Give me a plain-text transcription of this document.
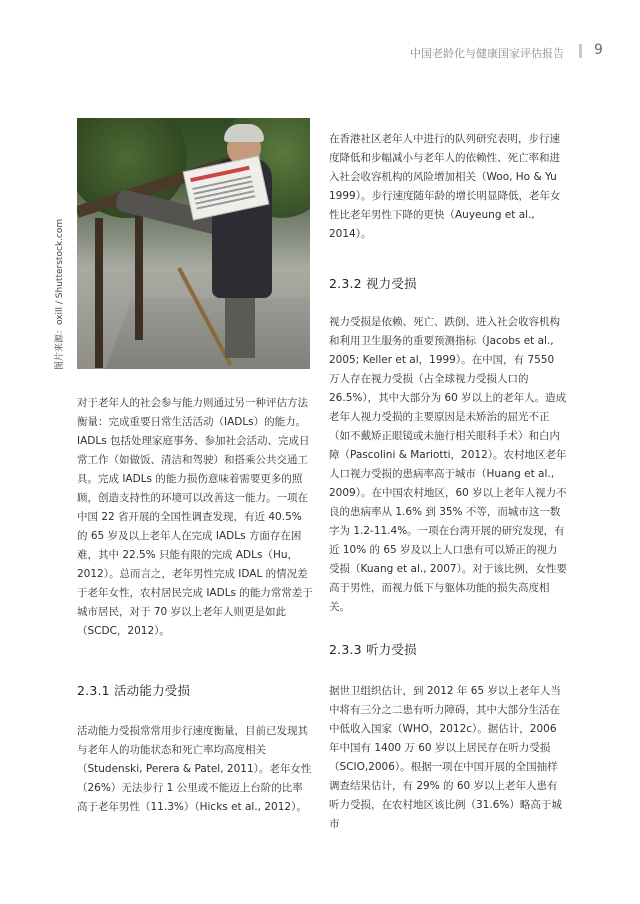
中国老龄化与健康国家评估报告 9
图片来源：oxill / Shutterstock.com

对于老年人的社会参与能力则通过另一种评估方法衡量：完成重要日常生活活动（IADLs）的能力。IADLs 包括处理家庭事务、参加社会活动、完成日常工作（如做饭、清洁和驾驶）和搭乘公共交通工具。完成 IADLs 的能力损伤意味着需要更多的照顾，创造支持性的环境可以改善这一能力。一项在中国 22 省开展的全国性调查发现，有近 40.5% 的 65 岁及以上老年人在完成 IADLs 方面存在困难，其中 22.5% 只能有限的完成 ADLs（Hu，2012）。总而言之，老年男性完成 IDAL 的情况差于老年女性，农村居民完成 IADLs 的能力常常差于城市居民，对于 70 岁以上老年人则更是如此（SCDC，2012）。

2.3.1 活动能力受损

活动能力受损常常用步行速度衡量，目前已发现其与老年人的功能状态和死亡率均高度相关（Studenski, Perera & Patel, 2011）。老年女性（26%）无法步行 1 公里或不能迈上台阶的比率高于老年男性（11.3%）（Hicks et al., 2012）。

在香港社区老年人中进行的队列研究表明，步行速度降低和步幅减小与老年人的依赖性、死亡率和进入社会收容机构的风险增加相关（Woo, Ho & Yu 1999）。步行速度随年龄的增长明显降低，老年女性比老年男性下降的更快（Auyeung et al., 2014）。

2.3.2 视力受损

视力受损是依赖、死亡、跌倒、进入社会收容机构和利用卫生服务的重要预测指标（Jacobs et al., 2005; Keller et al，1999）。在中国，有 7550 万人存在视力受损（占全球视力受损人口的 26.5%），其中大部分为 60 岁以上的老年人。造成老年人视力受损的主要原因是未矫治的屈光不正（如不戴矫正眼镜或未施行相关眼科手术）和白内障（Pascolini & Mariotti，2012）。农村地区老年人口视力受损的患病率高于城市（Huang et al., 2009）。在中国农村地区，60 岁以上老年人视力不良的患病率从 1.6% 到 35% 不等，而城市这一数字为 1.2-11.4%。一项在台湾开展的研究发现，有近 10% 的 65 岁及以上人口患有可以矫正的视力受损（Kuang et al., 2007）。对于该比例，女性要高于男性，而视力低下与躯体功能的损失高度相关。

2.3.3 听力受损

据世卫组织估计，到 2012 年 65 岁以上老年人当中将有三分之二患有听力障碍，其中大部分生活在中低收入国家（WHO，2012c）。据估计，2006 年中国有 1400 万 60 岁以上居民存在听力受损（SCIO,2006）。根据一项在中国开展的全国抽样调查结果估计，有 29% 的 60 岁以上老年人患有听力受损，在农村地区该比例（31.6%）略高于城市
